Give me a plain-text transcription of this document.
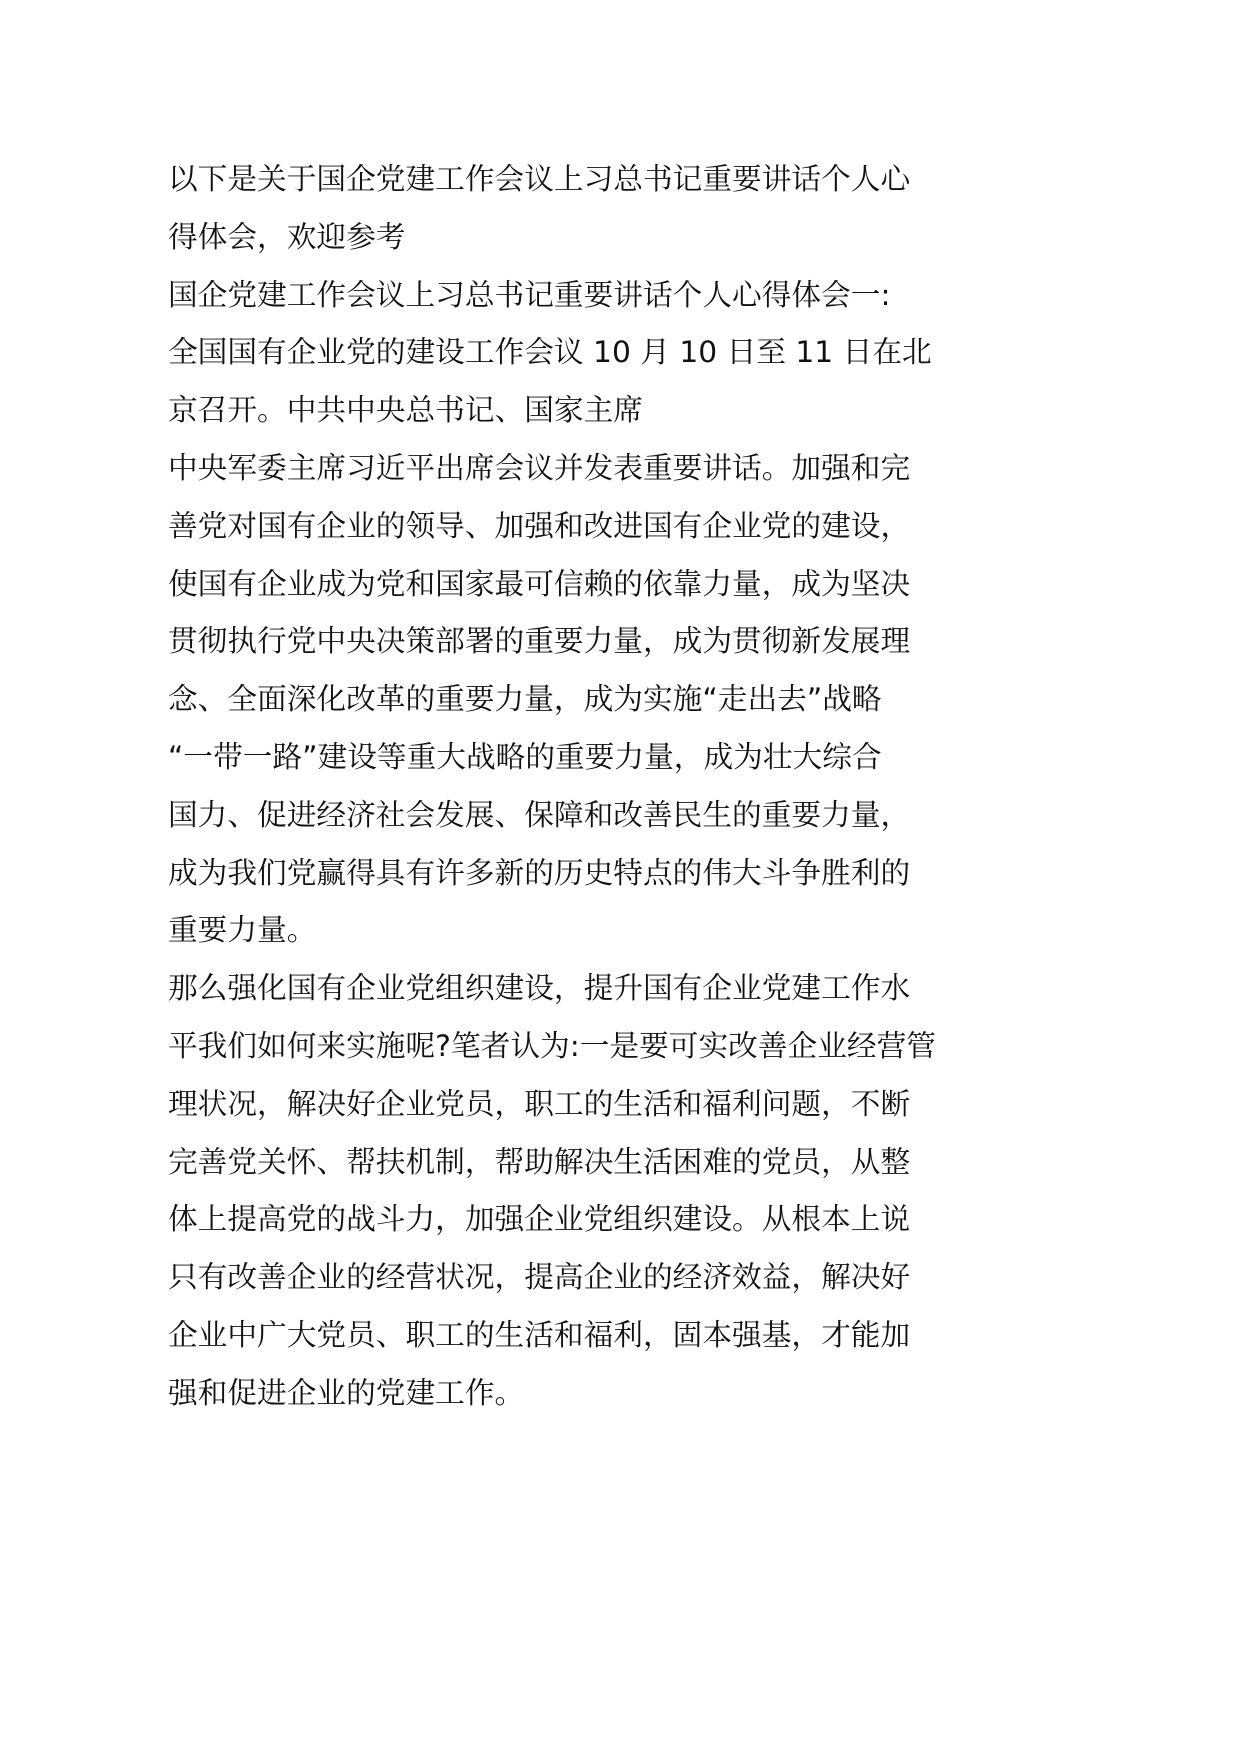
以下是关于国企党建工作会议上习总书记重要讲话个人心
得体会，欢迎参考
国企党建工作会议上习总书记重要讲话个人心得体会一:
全国国有企业党的建设工作会议 10 月 10 日至 11 日在北
京召开。中共中央总书记、国家主席
中央军委主席习近平出席会议并发表重要讲话。加强和完
善党对国有企业的领导、加强和改进国有企业党的建设，
使国有企业成为党和国家最可信赖的依靠力量，成为坚决
贯彻执行党中央决策部署的重要力量，成为贯彻新发展理
念、全面深化改革的重要力量，成为实施“走出去”战略
“一带一路”建设等重大战略的重要力量，成为壮大综合
国力、促进经济社会发展、保障和改善民生的重要力量，
成为我们党赢得具有许多新的历史特点的伟大斗争胜利的
重要力量。
那么强化国有企业党组织建设，提升国有企业党建工作水
平我们如何来实施呢?笔者认为:一是要可实改善企业经营管
理状况，解决好企业党员，职工的生活和福利问题，不断
完善党关怀、帮扶机制，帮助解决生活困难的党员，从整
体上提高党的战斗力，加强企业党组织建设。从根本上说
只有改善企业的经营状况，提高企业的经济效益，解决好
企业中广大党员、职工的生活和福利，固本强基，才能加
强和促进企业的党建工作。
